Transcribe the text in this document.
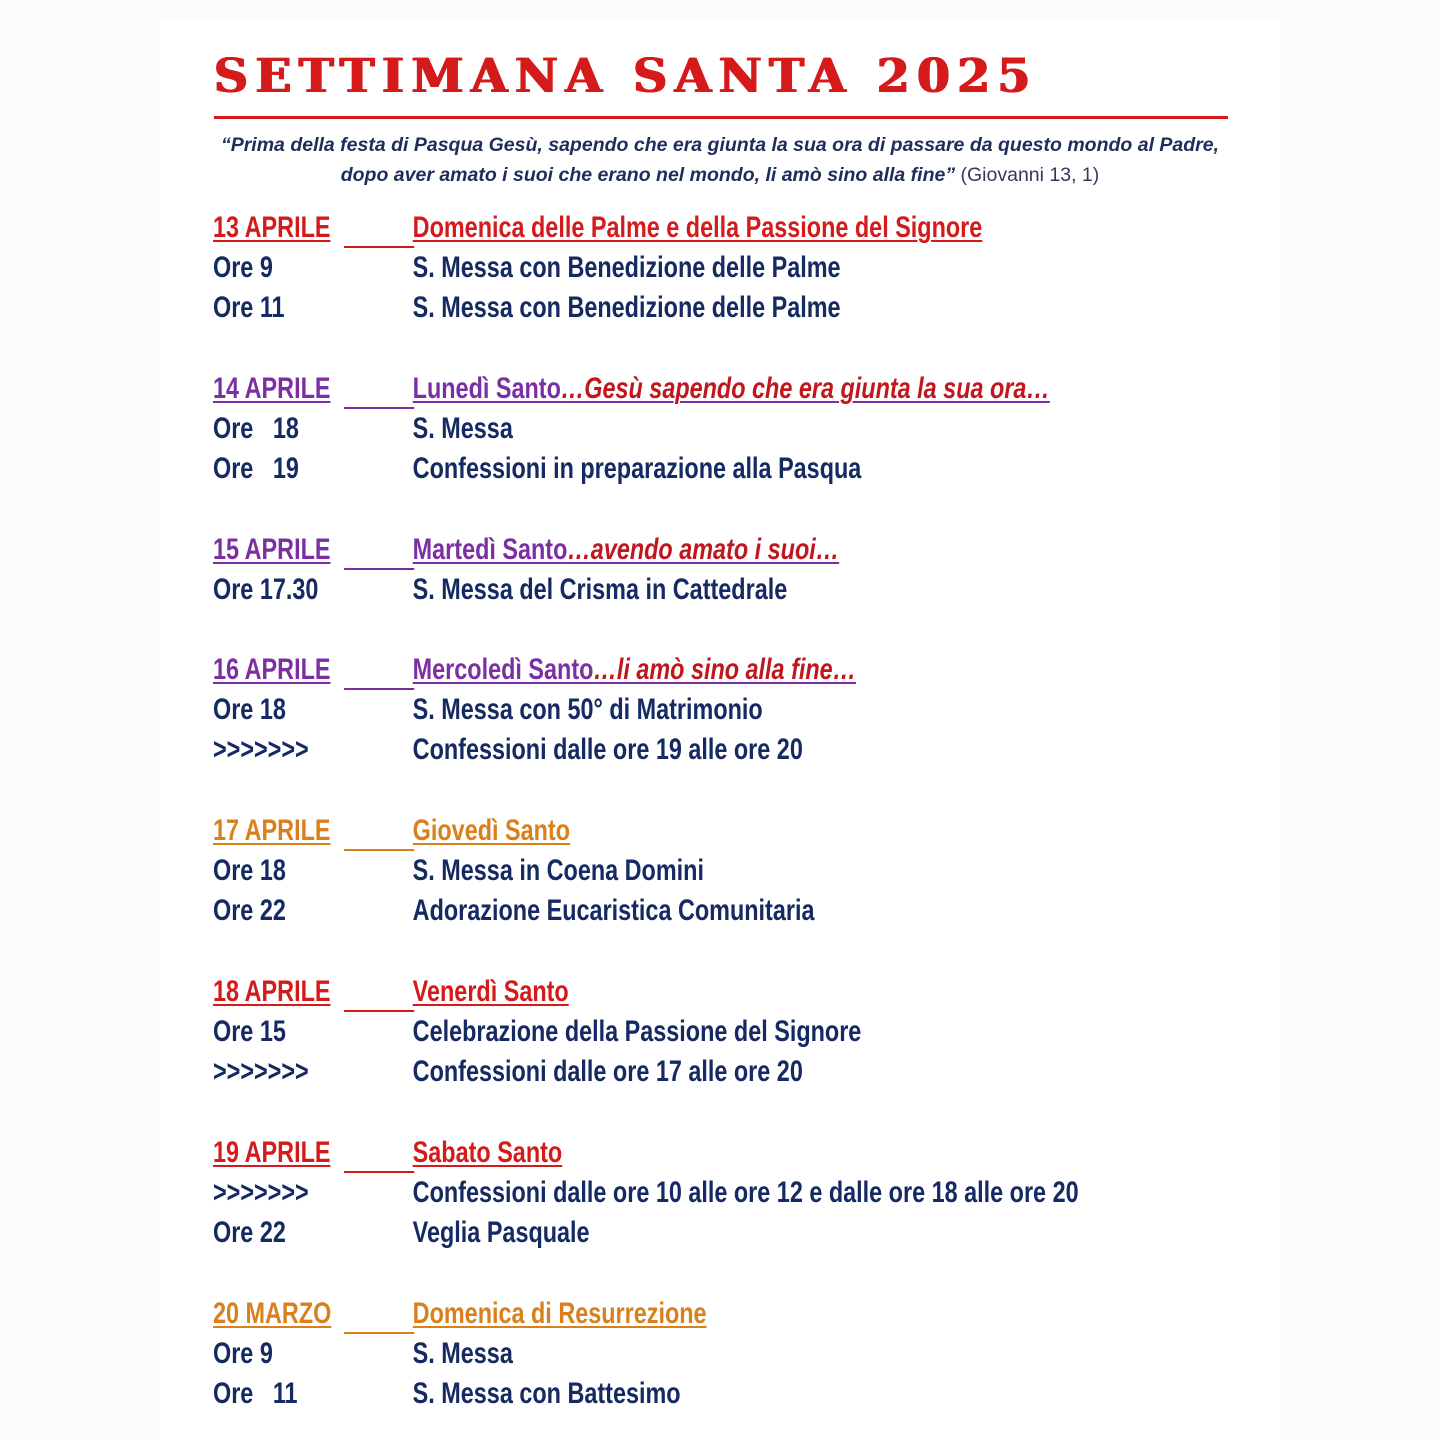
SETTIMANA SANTA 2025
“Prima della festa di Pasqua Gesù, sapendo che era giunta la sua ora di passare da questo mondo al Padre, dopo aver amato i suoi che erano nel mondo, li amò sino alla fine” (Giovanni 13, 1)
13 APRILE	Domenica delle Palme e della Passione del Signore
Ore 9	S. Messa con Benedizione delle Palme
Ore 11	S. Messa con Benedizione delle Palme
14 APRILE	Lunedì Santo…Gesù sapendo che era giunta la sua ora…
Ore   18	S. Messa
Ore   19	Confessioni in preparazione alla Pasqua
15 APRILE	Martedì Santo…avendo amato i suoi…
Ore 17.30	S. Messa del Crisma in Cattedrale
16 APRILE	Mercoledì Santo…li amò sino alla fine…
Ore 18	S. Messa con 50° di Matrimonio
>>>>>>>	Confessioni dalle ore 19 alle ore 20
17 APRILE	Giovedì Santo
Ore 18	S. Messa in Coena Domini
Ore 22	Adorazione Eucaristica Comunitaria
18 APRILE	Venerdì Santo
Ore 15	Celebrazione della Passione del Signore
>>>>>>>	Confessioni dalle ore 17 alle ore 20
19 APRILE	Sabato Santo
>>>>>>>	Confessioni dalle ore 10 alle ore 12 e dalle ore 18 alle ore 20
Ore 22	Veglia Pasquale
20 MARZO	Domenica di Resurrezione
Ore 9	S. Messa
Ore   11	S. Messa con Battesimo
